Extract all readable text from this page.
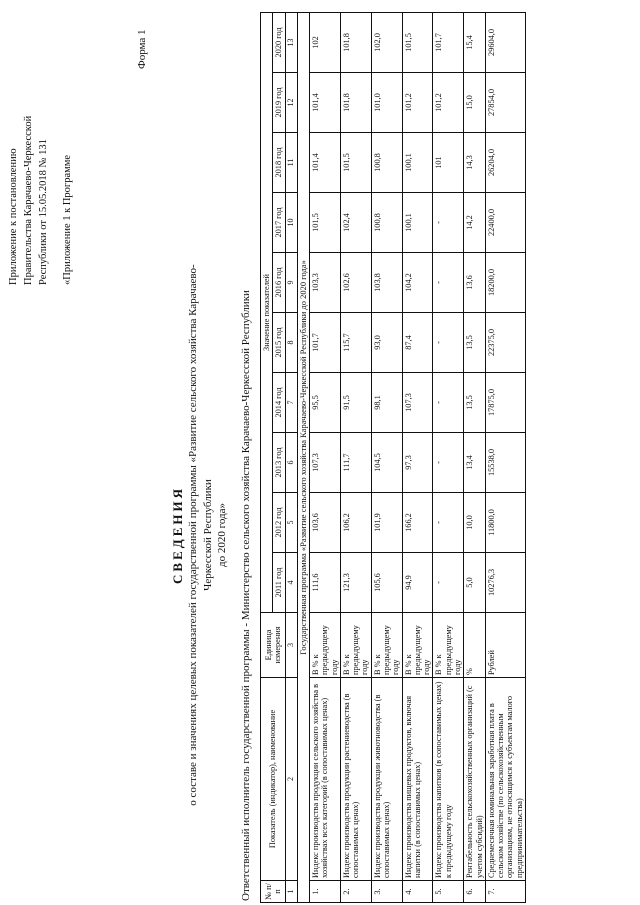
Приложение к постановлению Правительства Карачаево-Черкесской Республики от 15.05.2018 № 131 «Приложение 1 к Программе
Форма 1
СВЕДЕНИЯ о составе и значениях целевых показателей государственной программы «Развитие сельского хозяйства Карачаево-Черкесской Республики до 2020 года» Ответственный исполнитель государственной программы - Министерство сельского хозяйства Карачаево-Черкесской Республики № п/п	Показатель (индикатор), наименование	Единица измерения	Значение показателей									
			2011 год	2012 год	2013 год	2014 год	2015 год	2016 год	2017 год	2018 год	2019 год	2020 год
1	2	3	4	5	6	7	8	9	10	11	12	13
Государственная программа «Развитие сельского хозяйства Карачаево-Черкесской Республики до 2020 года»												
1.	Индекс производства продукции сельского хозяйства в хозяйствах всех категорий (в сопоставимых ценах)	В % к предыдущему году	111,6	103,6	107,3	95,5	101,7	103,3	101,5	101,4	101,4	102
2.	Индекс производства продукции растениеводства (в сопоставимых ценах)	В % к предыдущему году	121,3	106,2	111,7	91,5	115,7	102,6	102,4	101,5	101,8	101,8
3.	Индекс производства продукции животноводства (в сопоставимых ценах)	В % к предыдущему году	105,6	101,9	104,5	98,1	93,0	103,8	100,8	100,8	101,0	102,0
4.	Индекс производства пищевых продуктов, включая напитки (в сопоставимых ценах)	В % к предыдущему году	94,9	166,2	97,3	107,3	87,4	104,2	100,1	100,1	101,2	101,5
5.	Индекс производства напитков (в сопоставимых ценах) к предыдущему году	В % к предыдущему году	-	-	-	-	-	-	-	101	101,2	101,7
6.	Рентабельность сельскохозяйственных организаций (с учетом субсидий)	%	5,0	10,0	13,4	13,5	13,5	13,6	14,2	14,3	15,0	15,4
7.	Среднемесячная номинальная заработная плата в сельском хозяйстве (по сельскохозяйственным организациям, не относящимся к субъектам малого предпринимательства)	Рублей	10276,3	11800,0	15538,0	17875,0	22375,0	18200,0	22400,0	26204,0	27854,0	29604,0
